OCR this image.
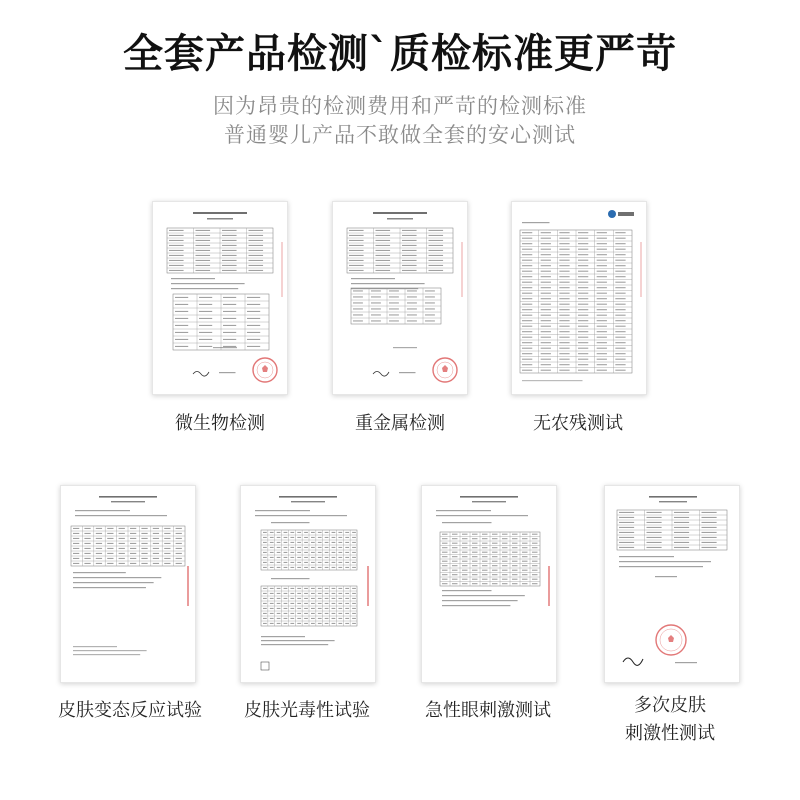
全套产品检测`质检标准更严苛
因为昂贵的检测费用和严苛的检测标准
普通婴儿产品不敢做全套的安心测试
微生物检测	重金属检测	无农残测试
皮肤变态反应试验	皮肤光毒性试验	急性眼刺激测试	多次皮肤
刺激性测试
